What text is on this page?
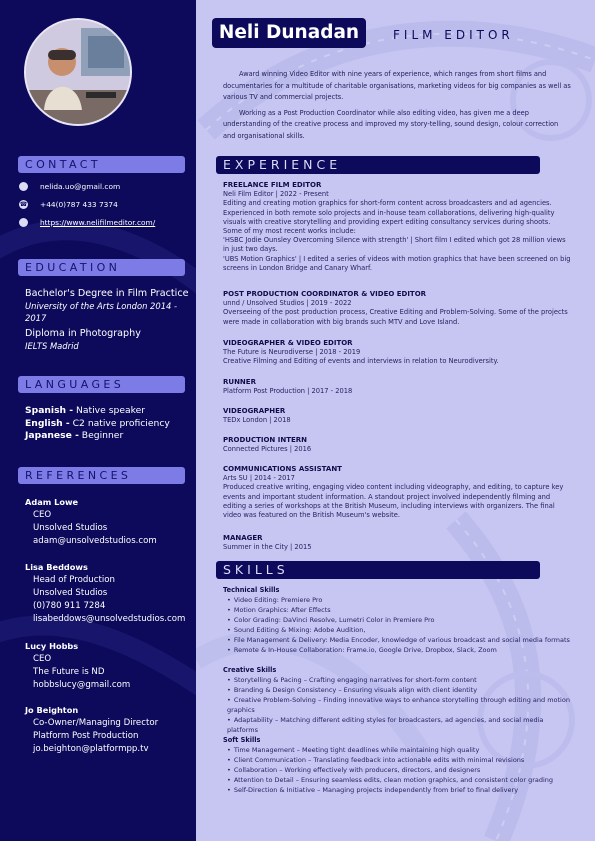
CONTACT
nelida.uo@gmail.com
☎ +44(0)787 433 7374
https://www.nelifilmeditor.com/
EDUCATION
Bachelor's Degree in Film Practice
University of the Arts London 2014 - 2017
Diploma in Photography
IELTS Madrid
LANGUAGES
Spanish - Native speaker
English - C2 native proficiency
Japanese - Beginner
REFERENCES
Adam Lowe
CEO
Unsolved Studios
adam@unsolvedstudios.com
Lisa Beddows
Head of Production
Unsolved Studios
(0)780 911 7284
lisabeddows@unsolvedstudios.com
Lucy Hobbs
CEO
The Future is ND
hobbslucy@gmail.com
Jo Beighton
Co-Owner/Managing Director
Platform Post Production
jo.beighton@platformpp.tv
Neli Dunadan	FILM EDITOR

Award winning Video Editor with nine years of experience, which ranges from short films and documentaries for a multitude of charitable organisations, marketing videos for big companies as well as various TV and commercial projects.

Working as a Post Production Coordinator while also editing video, has given me a deep understanding of the creative process and improved my story-telling, sound design, colour correction and organisational skills.

EXPERIENCE
FREELANCE FILM EDITOR
Neli Film Editor | 2022 - Present
Editing and creating motion graphics for short-form content across broadcasters and ad agencies. Experienced in both remote solo projects and in-house team collaborations, delivering high-quality visuals with creative storytelling and providing expert editing consultancy services during shoots.
Some of my most recent works include:
'HSBC Jodie Ounsley Overcoming Silence with strength' | Short film I edited which got 28 million views in just two days.
'UBS Motion Graphics' | I edited a series of videos with motion graphics that have been screened on big screens in London Bridge and Canary Wharf.
POST PRODUCTION COORDINATOR & VIDEO EDITOR
unnd / Unsolved Studios | 2019 - 2022
Overseeing of the post production process, Creative Editing and Problem-Solving. Some of the projects were made in collaboration with big brands such MTV and Love Island.
VIDEOGRAPHER & VIDEO EDITOR
The Future is Neurodiverse | 2018 - 2019
Creative Filming and Editing of events and interviews in relation to Neurodiversity.
RUNNER
Platform Post Production | 2017 - 2018
VIDEOGRAPHER
TEDx London | 2018
PRODUCTION INTERN
Connected Pictures | 2016
COMMUNICATIONS ASSISTANT
Arts SU | 2014 - 2017
Produced creative writing, engaging video content including videography, and editing, to capture key events and important student information. A standout project involved independently filming and editing a series of workshops at the British Museum, including interviews with organizers. The final video was featured on the British Museum's website.
MANAGER
Summer in the City | 2015
SKILLS
Technical Skills
• Video Editing: Premiere Pro
• Motion Graphics: After Effects
• Color Grading: DaVinci Resolve, Lumetri Color in Premiere Pro
• Sound Editing & Mixing: Adobe Audition,
• File Management & Delivery: Media Encoder, knowledge of various broadcast and social media formats
• Remote & In-House Collaboration: Frame.io, Google Drive, Dropbox, Slack, Zoom
Creative Skills
• Storytelling & Pacing – Crafting engaging narratives for short-form content
• Branding & Design Consistency – Ensuring visuals align with client identity
• Creative Problem-Solving – Finding innovative ways to enhance storytelling through editing and motion graphics
• Adaptability – Matching different editing styles for broadcasters, ad agencies, and social media platforms
Soft Skills
• Time Management – Meeting tight deadlines while maintaining high quality
• Client Communication – Translating feedback into actionable edits with minimal revisions
• Collaboration – Working effectively with producers, directors, and designers
• Attention to Detail – Ensuring seamless edits, clean motion graphics, and consistent color grading
• Self-Direction & Initiative – Managing projects independently from brief to final delivery
